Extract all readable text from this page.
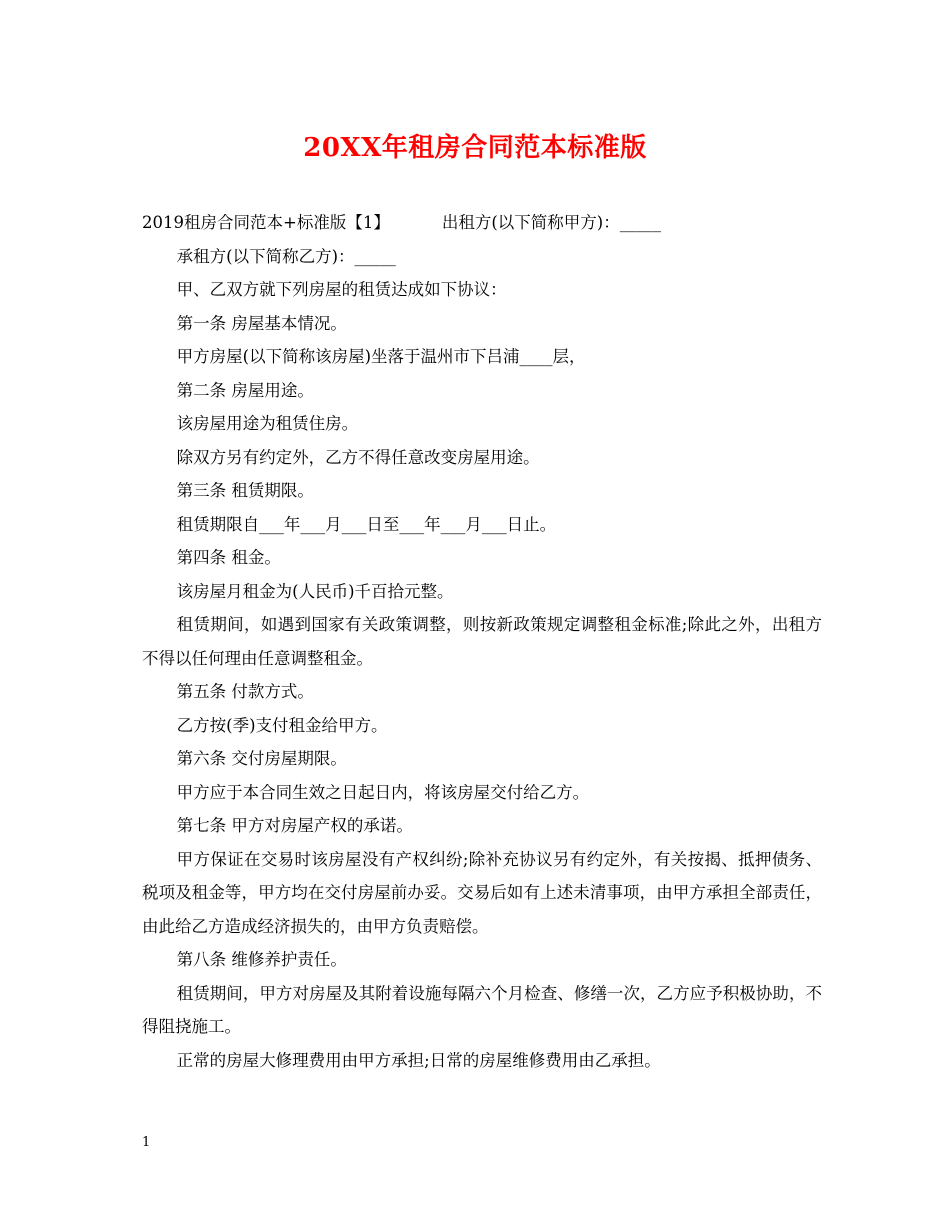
20XX年租房合同范本标准版

2019租房合同范本+标准版【1】	出租方(以下简称甲方)：_____

承租方(以下简称乙方)：_____

甲、乙双方就下列房屋的租赁达成如下协议：

第一条 房屋基本情况。

甲方房屋(以下简称该房屋)坐落于温州市下吕浦____层，

第二条 房屋用途。

该房屋用途为租赁住房。

除双方另有约定外，乙方不得任意改变房屋用途。

第三条 租赁期限。

租赁期限自___年___月___日至___年___月___日止。

第四条 租金。

该房屋月租金为(人民币)千百拾元整。

租赁期间，如遇到国家有关政策调整，则按新政策规定调整租金标准;除此之外，出租方不得以任何理由任意调整租金。

第五条 付款方式。

乙方按(季)支付租金给甲方。

第六条 交付房屋期限。

甲方应于本合同生效之日起日内，将该房屋交付给乙方。

第七条 甲方对房屋产权的承诺。

甲方保证在交易时该房屋没有产权纠纷;除补充协议另有约定外，有关按揭、抵押债务、税项及租金等，甲方均在交付房屋前办妥。交易后如有上述未清事项，由甲方承担全部责任，由此给乙方造成经济损失的，由甲方负责赔偿。

第八条 维修养护责任。

租赁期间，甲方对房屋及其附着设施每隔六个月检查、修缮一次，乙方应予积极协助，不得阻挠施工。

正常的房屋大修理费用由甲方承担;日常的房屋维修费用由乙承担。

1
